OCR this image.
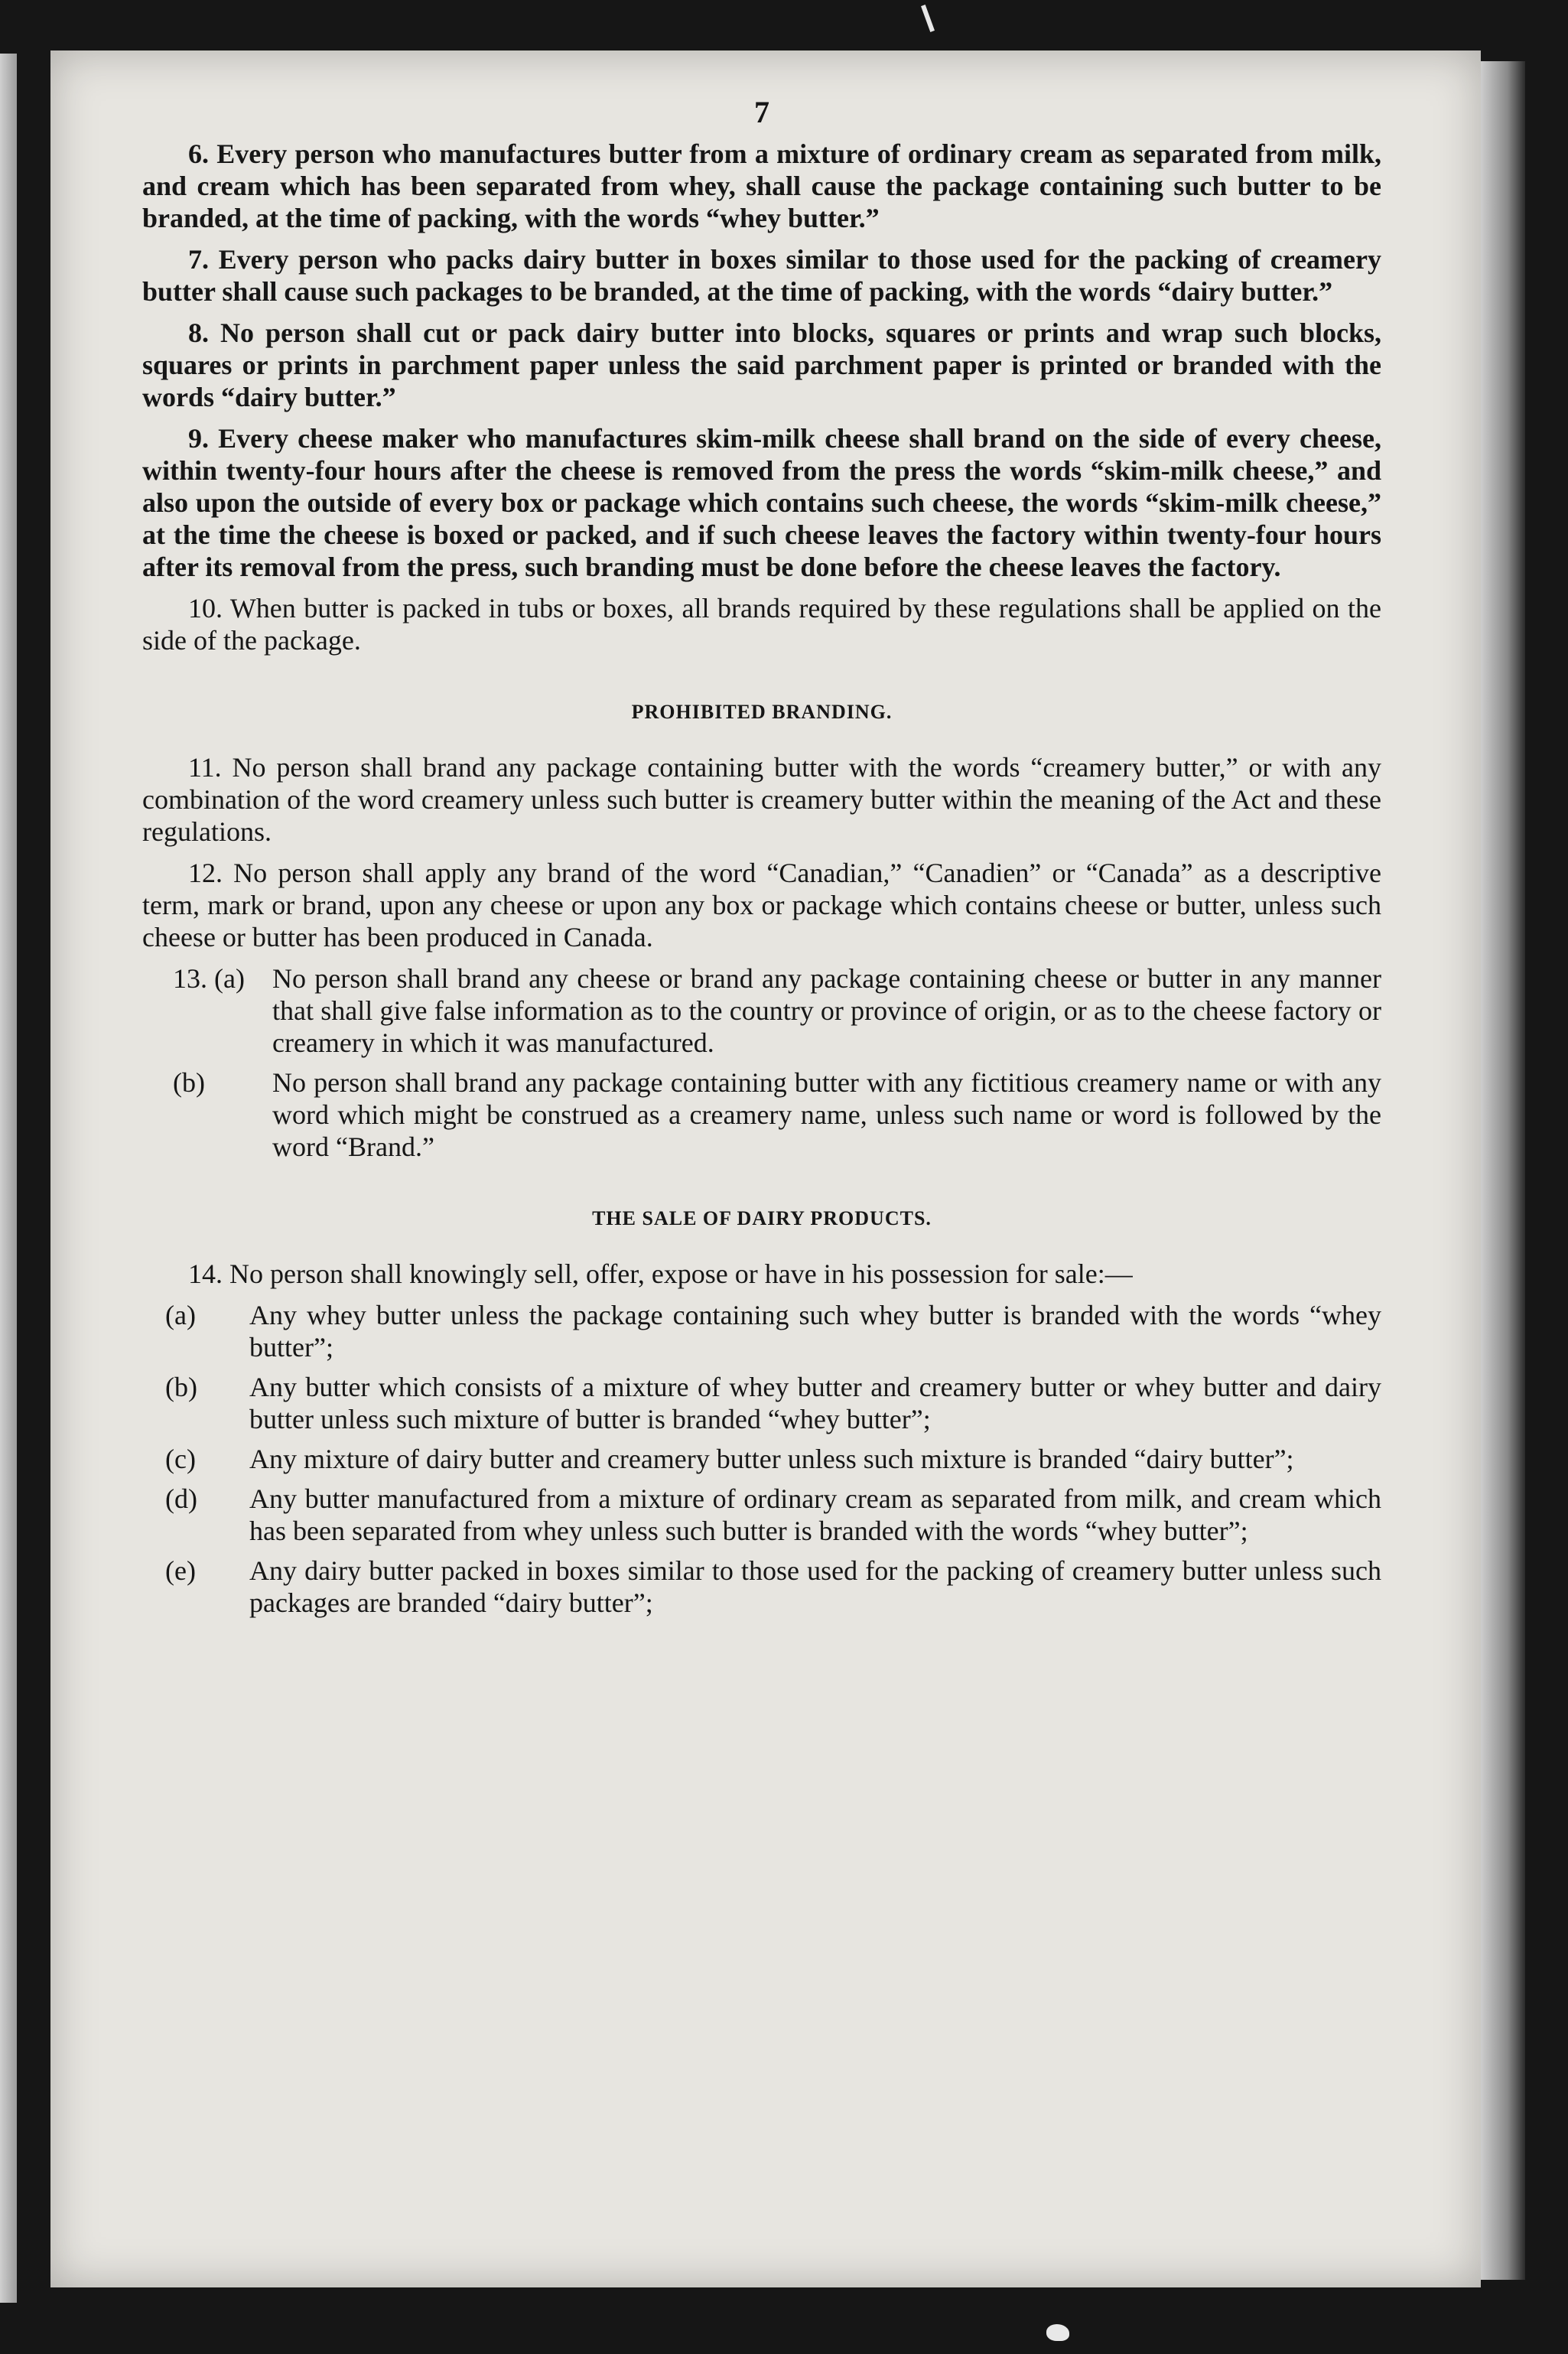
7

6. Every person who manufactures butter from a mixture of ordinary cream as separated from milk, and cream which has been separated from whey, shall cause the package containing such butter to be branded, at the time of packing, with the words “whey butter.”

7. Every person who packs dairy butter in boxes similar to those used for the packing of creamery butter shall cause such packages to be branded, at the time of packing, with the words “dairy butter.”

8. No person shall cut or pack dairy butter into blocks, squares or prints and wrap such blocks, squares or prints in parchment paper unless the said parchment paper is printed or branded with the words “dairy butter.”

9. Every cheese maker who manufactures skim-milk cheese shall brand on the side of every cheese, within twenty-four hours after the cheese is removed from the press the words “skim-milk cheese,” and also upon the outside of every box or package which contains such cheese, the words “skim-milk cheese,” at the time the cheese is boxed or packed, and if such cheese leaves the factory within twenty-four hours after its removal from the press, such branding must be done before the cheese leaves the factory.

10. When butter is packed in tubs or boxes, all brands required by these regulations shall be applied on the side of the package.

PROHIBITED BRANDING.

11. No person shall brand any package containing butter with the words “creamery butter,” or with any combination of the word creamery unless such butter is creamery butter within the meaning of the Act and these regulations.

12. No person shall apply any brand of the word “Canadian,” “Canadien” or “Canada” as a descriptive term, mark or brand, upon any cheese or upon any box or package which contains cheese or butter, unless such cheese or butter has been produced in Canada.

13. (a)	No person shall brand any cheese or brand any package containing cheese or butter in any manner that shall give false information as to the country or province of origin, or as to the cheese factory or creamery in which it was manufactured.
(b)	No person shall brand any package containing butter with any fictitious creamery name or with any word which might be construed as a creamery name, unless such name or word is followed by the word “Brand.”
THE SALE OF DAIRY PRODUCTS.

14. No person shall knowingly sell, offer, expose or have in his possession for sale:—

(a)	Any whey butter unless the package containing such whey butter is branded with the words “whey butter”;
(b)	Any butter which consists of a mixture of whey butter and creamery butter or whey butter and dairy butter unless such mixture of butter is branded “whey butter”;
(c)	Any mixture of dairy butter and creamery butter unless such mixture is branded “dairy butter”;
(d)	Any butter manufactured from a mixture of ordinary cream as separated from milk, and cream which has been separated from whey unless such butter is branded with the words “whey butter”;
(e)	Any dairy butter packed in boxes similar to those used for the packing of creamery butter unless such packages are branded “dairy butter”;
